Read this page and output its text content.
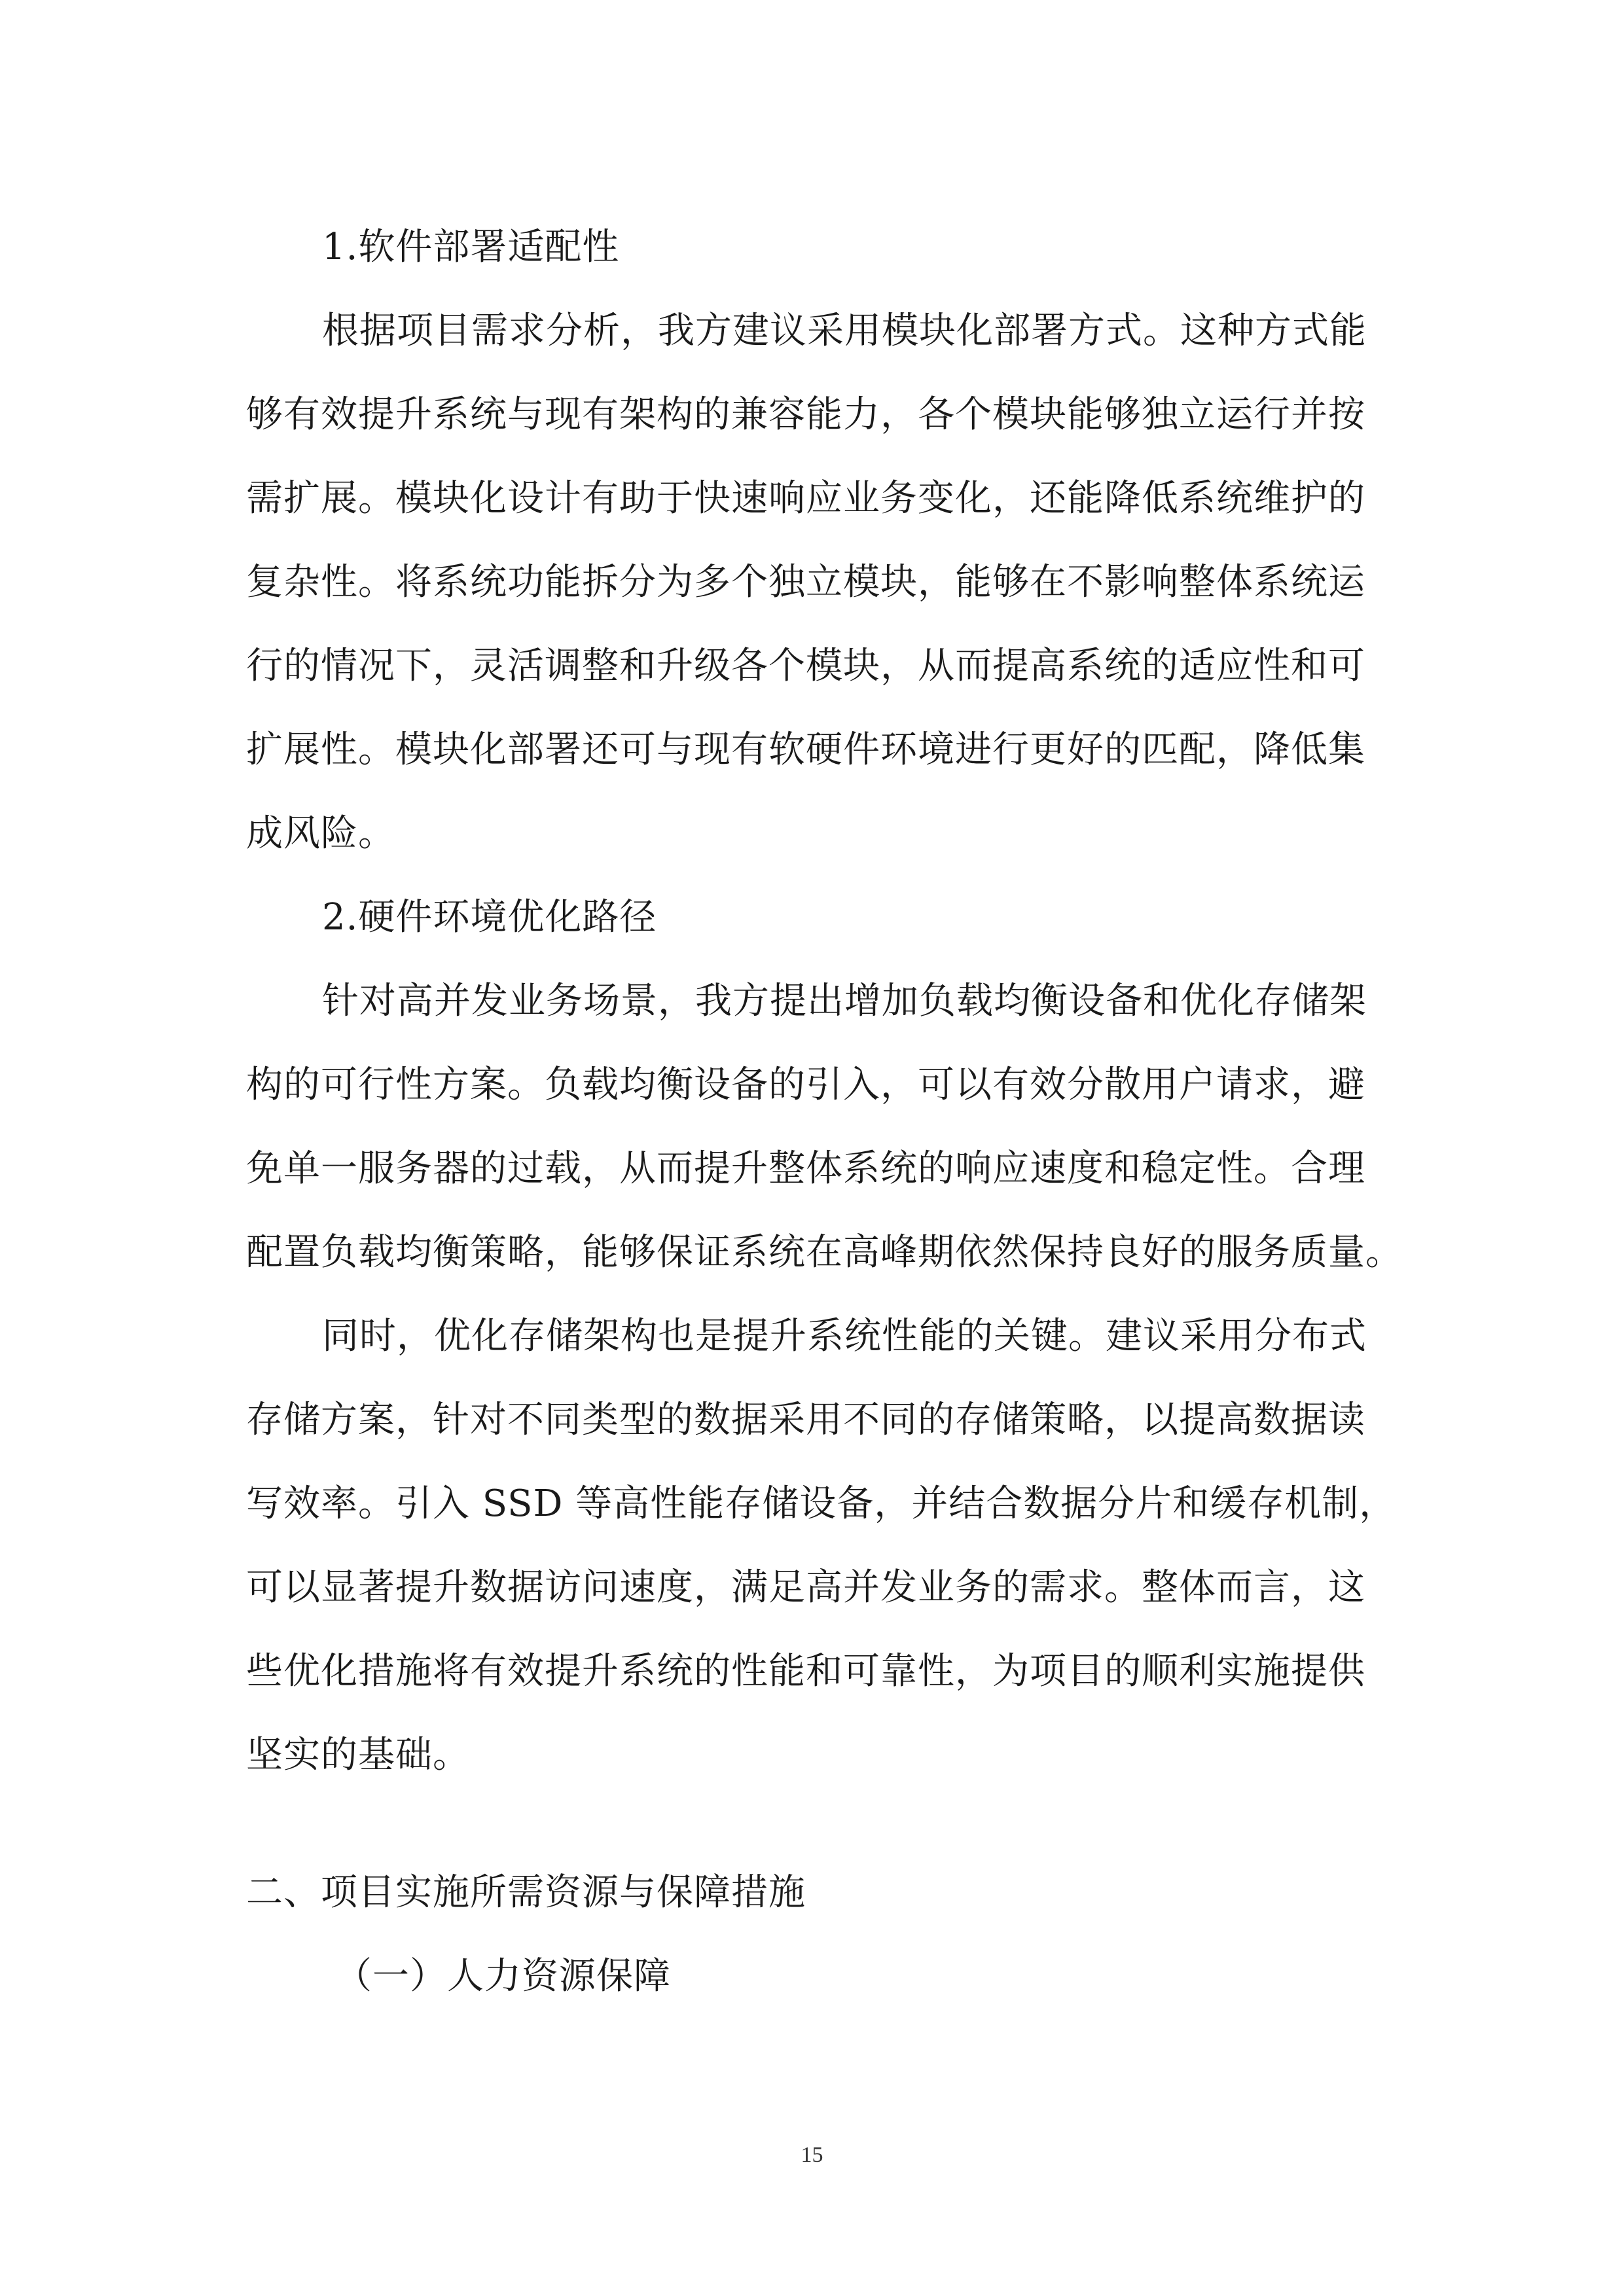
1.软件部署适配性
根据项目需求分析，我方建议采用模块化部署方式。这种方式能
够有效提升系统与现有架构的兼容能力，各个模块能够独立运行并按
需扩展。模块化设计有助于快速响应业务变化，还能降低系统维护的
复杂性。将系统功能拆分为多个独立模块，能够在不影响整体系统运
行的情况下，灵活调整和升级各个模块，从而提高系统的适应性和可
扩展性。模块化部署还可与现有软硬件环境进行更好的匹配，降低集
成风险。
2.硬件环境优化路径
针对高并发业务场景，我方提出增加负载均衡设备和优化存储架
构的可行性方案。负载均衡设备的引入，可以有效分散用户请求，避
免单一服务器的过载，从而提升整体系统的响应速度和稳定性。合理
配置负载均衡策略，能够保证系统在高峰期依然保持良好的服务质量。
同时，优化存储架构也是提升系统性能的关键。建议采用分布式
存储方案，针对不同类型的数据采用不同的存储策略，以提高数据读
写效率。引入 SSD 等高性能存储设备，并结合数据分片和缓存机制，
可以显著提升数据访问速度，满足高并发业务的需求。整体而言，这
些优化措施将有效提升系统的性能和可靠性，为项目的顺利实施提供
坚实的基础。
二、项目实施所需资源与保障措施
（一）人力资源保障
15
